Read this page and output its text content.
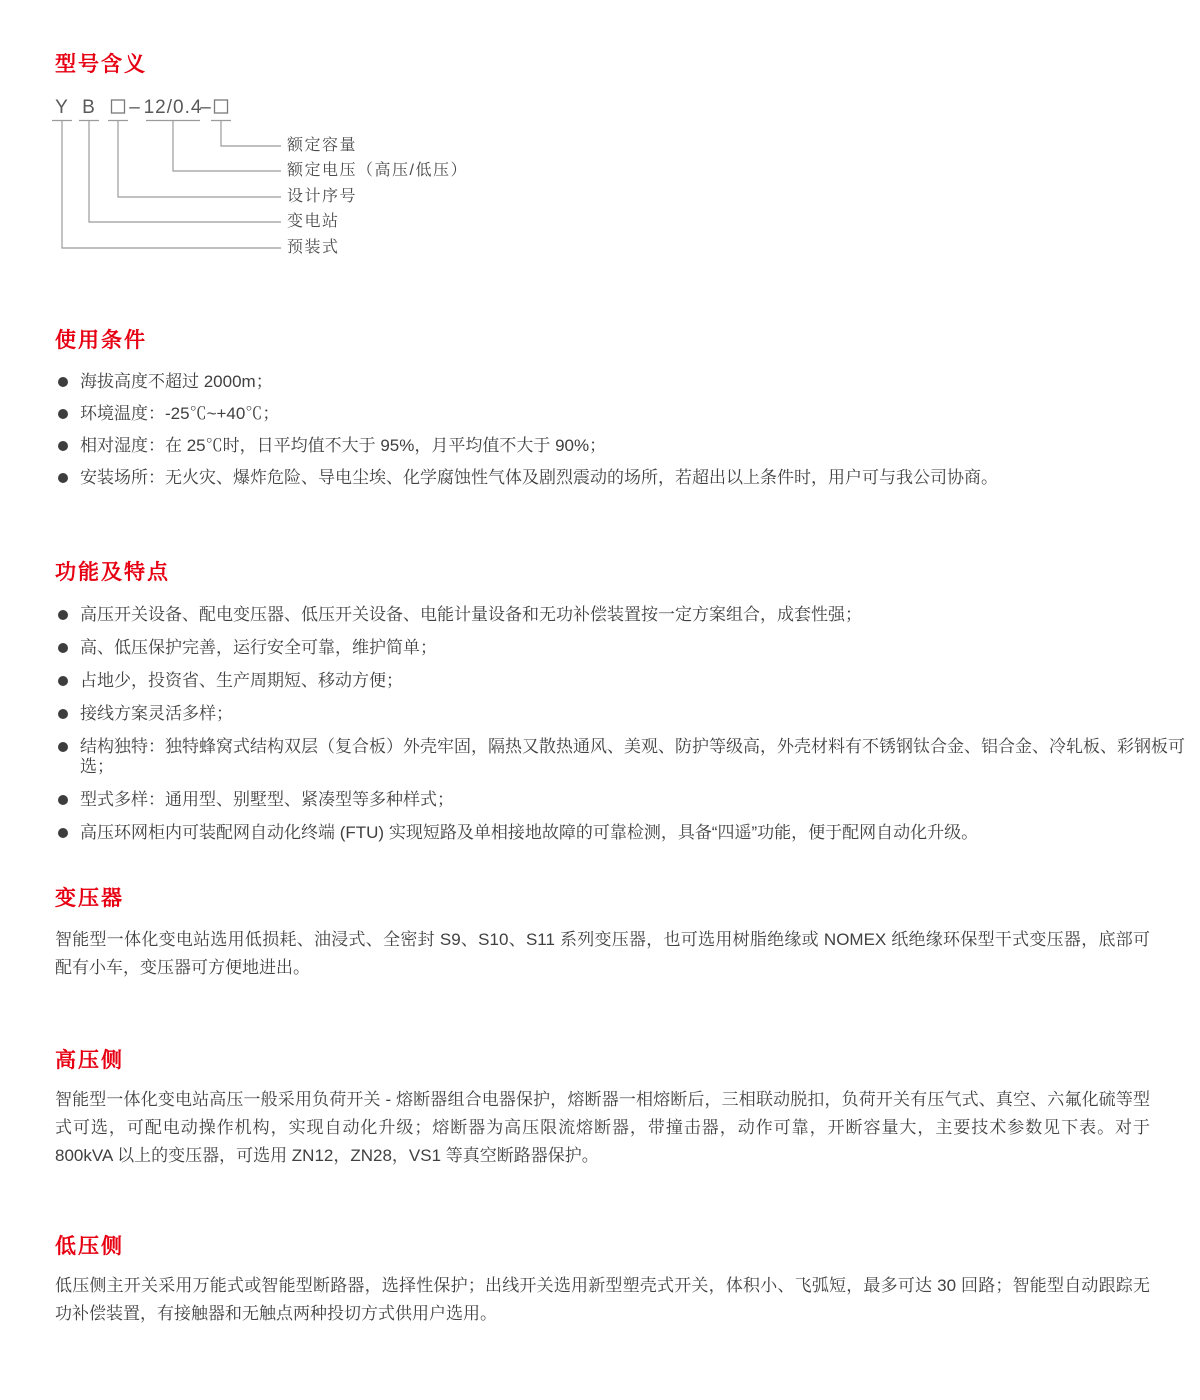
型号含义
Y B – 12/0.4
–
额定容量
额定电压（高压/低压）
设计序号
变电站
预装式
使用条件
海拔高度不超过 2000m；
环境温度：-25℃~+40℃；
相对湿度：在 25℃时，日平均值不大于 95%，月平均值不大于 90%；
安装场所：无火灾、爆炸危险、导电尘埃、化学腐蚀性气体及剧烈震动的场所，若超出以上条件时，用户可与我公司协商。
功能及特点
高压开关设备、配电变压器、低压开关设备、电能计量设备和无功补偿装置按一定方案组合，成套性强；
高、低压保护完善，运行安全可靠，维护简单；
占地少，投资省、生产周期短、移动方便；
接线方案灵活多样；
结构独特：独特蜂窝式结构双层（复合板）外壳牢固，隔热又散热通风、美观、防护等级高，外壳材料有不锈钢钛合金、铝合金、冷轧板、彩钢板可选；
型式多样：通用型、别墅型、紧凑型等多种样式；
高压环网柜内可装配网自动化终端 (FTU) 实现短路及单相接地故障的可靠检测，具备“四遥”功能，便于配网自动化升级。
变压器

智能型一体化变电站选用低损耗、油浸式、全密封 S9、S10、S11 系列变压器，也可选用树脂绝缘或 NOMEX 纸绝缘环保型干式变压器，底部可配有小车，变压器可方便地进出。

高压侧

智能型一体化变电站高压一般采用负荷开关 - 熔断器组合电器保护，熔断器一相熔断后，三相联动脱扣，负荷开关有压气式、真空、六氟化硫等型式可选，可配电动操作机构，实现自动化升级；熔断器为高压限流熔断器，带撞击器，动作可靠，开断容量大，主要技术参数见下表。对于 800kVA 以上的变压器，可选用 ZN12，ZN28，VS1 等真空断路器保护。

低压侧

低压侧主开关采用万能式或智能型断路器，选择性保护；出线开关选用新型塑壳式开关，体积小、飞弧短，最多可达 30 回路；智能型自动跟踪无功补偿装置，有接触器和无触点两种投切方式供用户选用。
